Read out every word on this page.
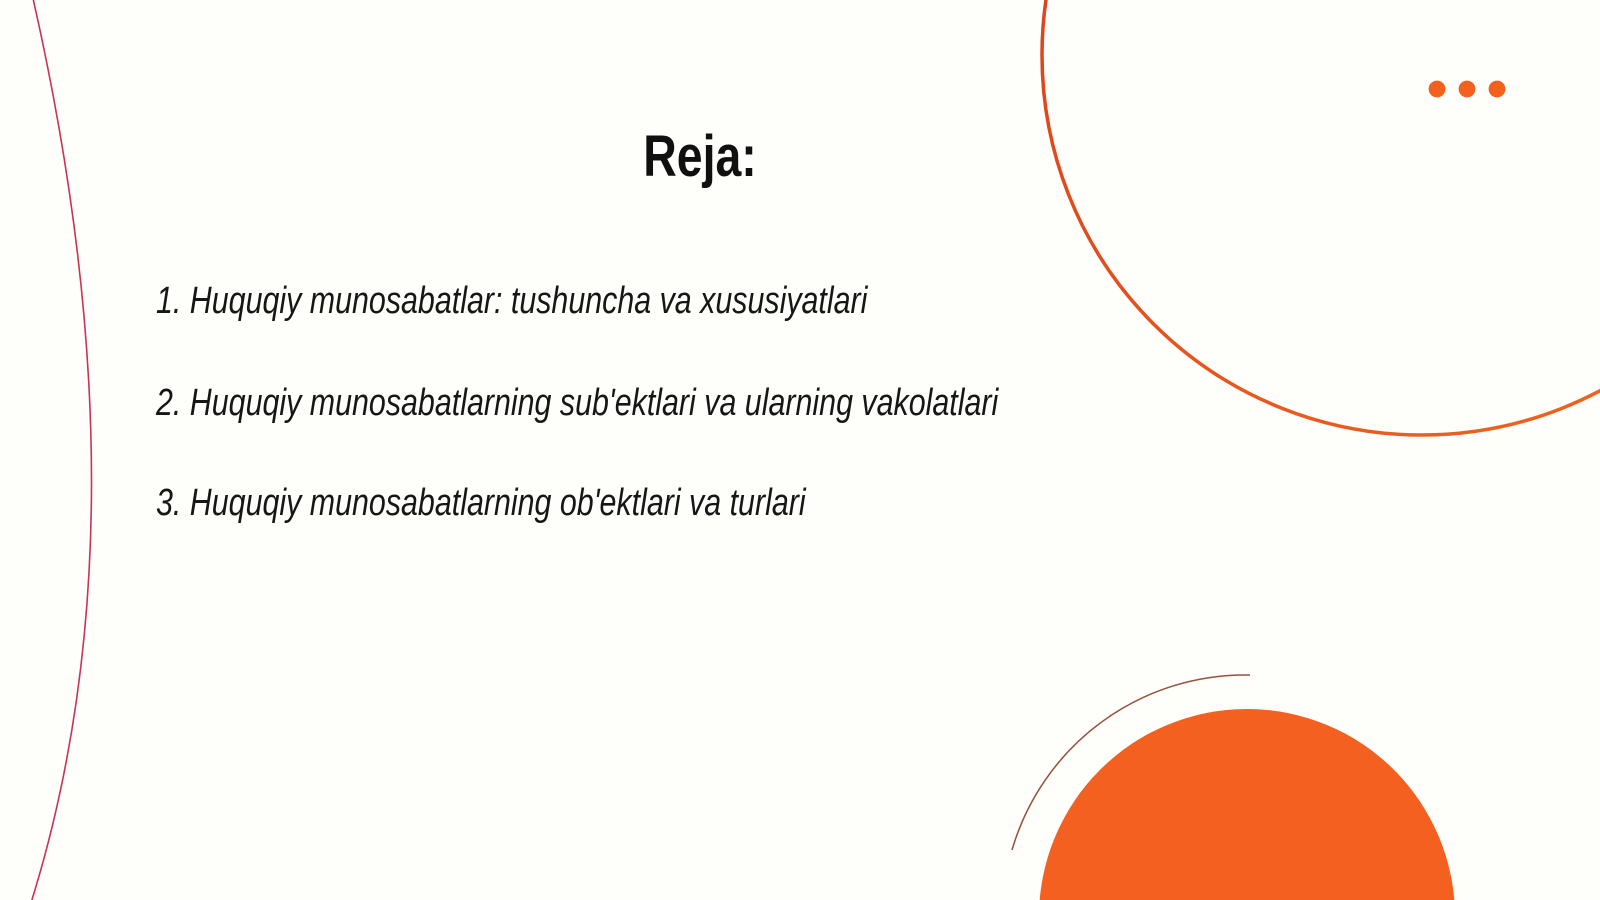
Reja:
1. Huquqiy munosabatlar: tushuncha va xususiyatlari
2. Huquqiy munosabatlarning sub'ektlari va ularning vakolatlari
3. Huquqiy munosabatlarning ob'ektlari va turlari
